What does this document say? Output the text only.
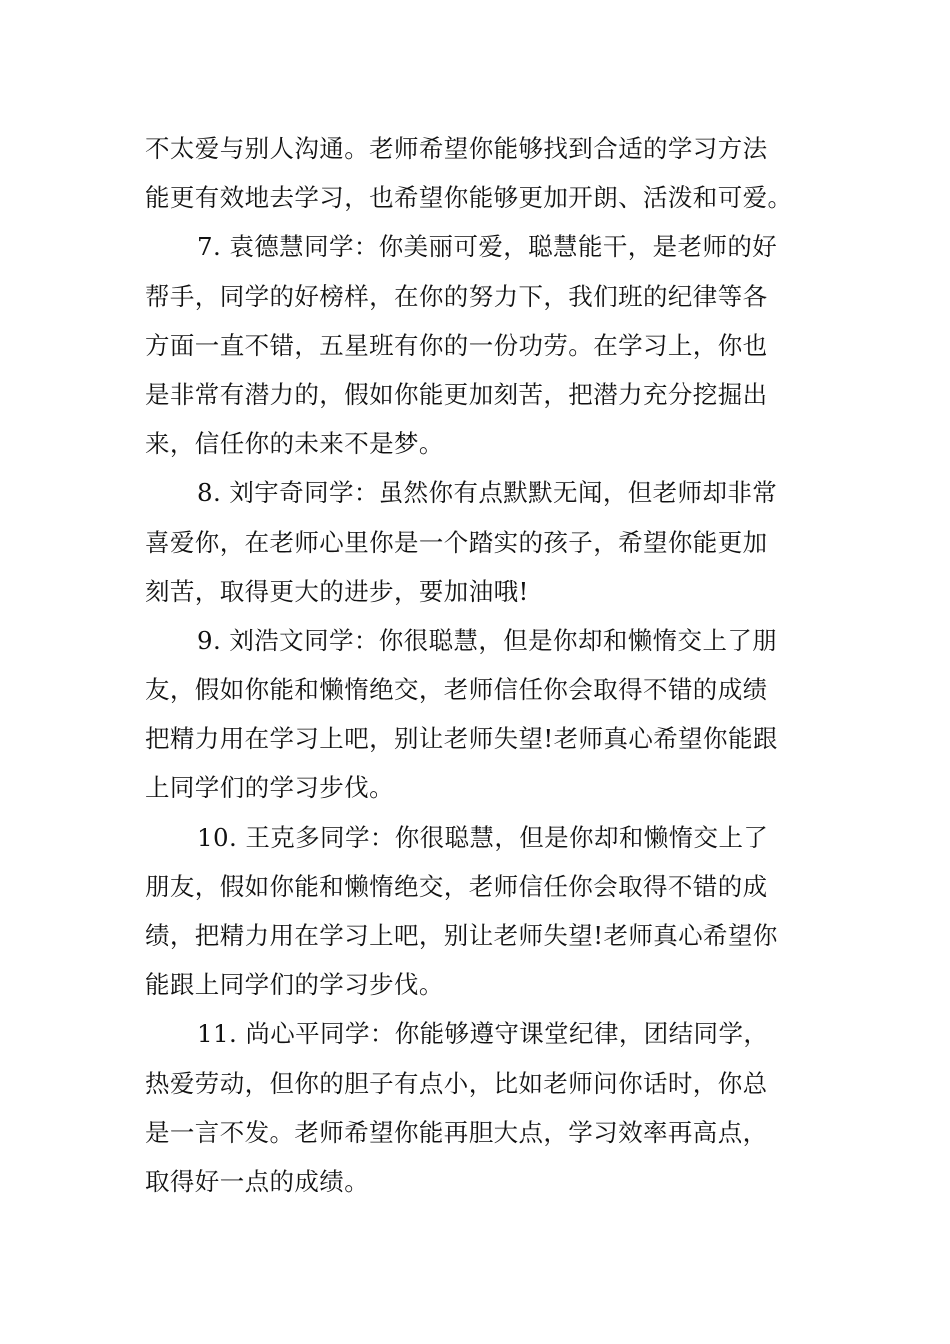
不太爱与别人沟通。老师希望你能够找到合适的学习方法
能更有效地去学习，也希望你能够更加开朗、活泼和可爱。
7. 袁德慧同学：你美丽可爱，聪慧能干，是老师的好
帮手，同学的好榜样，在你的努力下，我们班的纪律等各
方面一直不错，五星班有你的一份功劳。在学习上，你也
是非常有潜力的，假如你能更加刻苦，把潜力充分挖掘出
来，信任你的未来不是梦。
8. 刘宇奇同学：虽然你有点默默无闻，但老师却非常
喜爱你，在老师心里你是一个踏实的孩子，希望你能更加
刻苦，取得更大的进步，要加油哦!
9. 刘浩文同学：你很聪慧，但是你却和懒惰交上了朋
友，假如你能和懒惰绝交，老师信任你会取得不错的成绩
把精力用在学习上吧，别让老师失望!老师真心希望你能跟
上同学们的学习步伐。
10. 王克多同学：你很聪慧，但是你却和懒惰交上了
朋友，假如你能和懒惰绝交，老师信任你会取得不错的成
绩，把精力用在学习上吧，别让老师失望!老师真心希望你
能跟上同学们的学习步伐。
11. 尚心平同学：你能够遵守课堂纪律，团结同学，
热爱劳动，但你的胆子有点小，比如老师问你话时，你总
是一言不发。老师希望你能再胆大点，学习效率再高点，
取得好一点的成绩。
